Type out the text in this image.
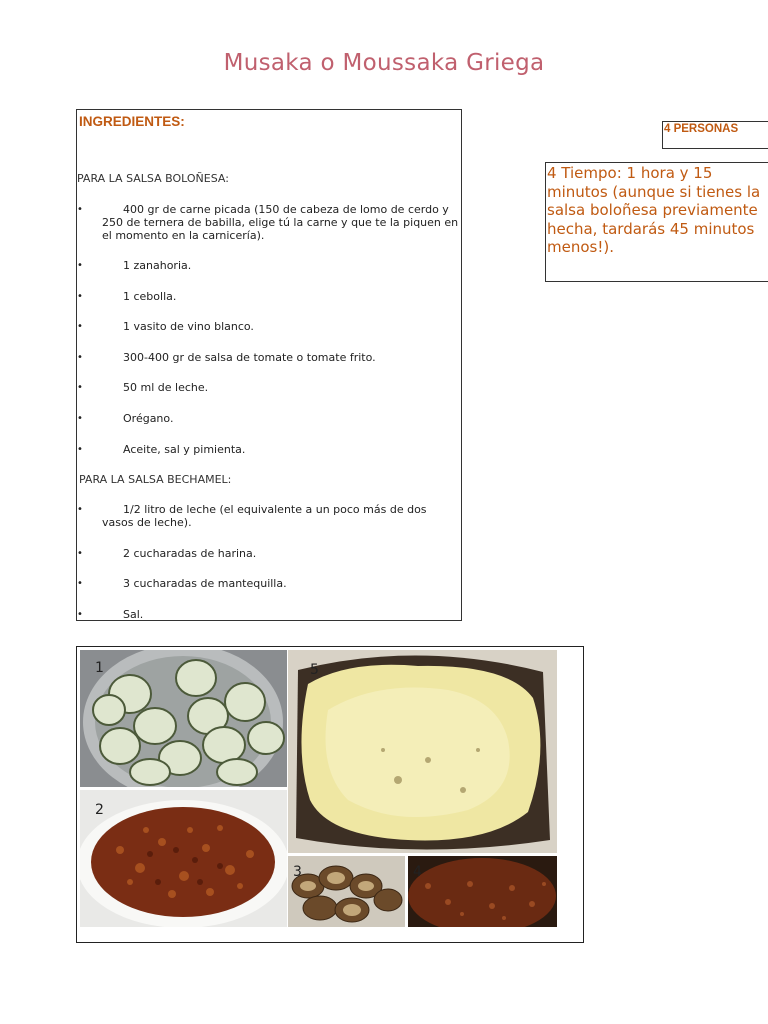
Musaka o Moussaka Griega
INGREDIENTES:
PARA LA SALSA BOLOÑESA:
•	400 gr de carne picada (150 de cabeza de lomo de cerdo y 250 de ternera de babilla, elige tú la carne y que te la piquen en el momento en la carnicería).
•	1 zanahoria.
•	1 cebolla.
•	1 vasito de vino blanco.
•	300-400 gr de salsa de tomate o tomate frito.
•	50 ml de leche.
•	Orégano.
•	Aceite, sal y pimienta.
PARA LA SALSA BECHAMEL:
•	1/2 litro de leche (el equivalente a un poco más de dos vasos de leche).
•	2 cucharadas de harina.
•	3 cucharadas de mantequilla.
•	Sal.
4 PERSONAS
4 Tiempo: 1 hora y 15 minutos (aunque si tienes la salsa boloñesa previamente hecha, tardarás 45 minutos menos!).
1
2
5
3	4
